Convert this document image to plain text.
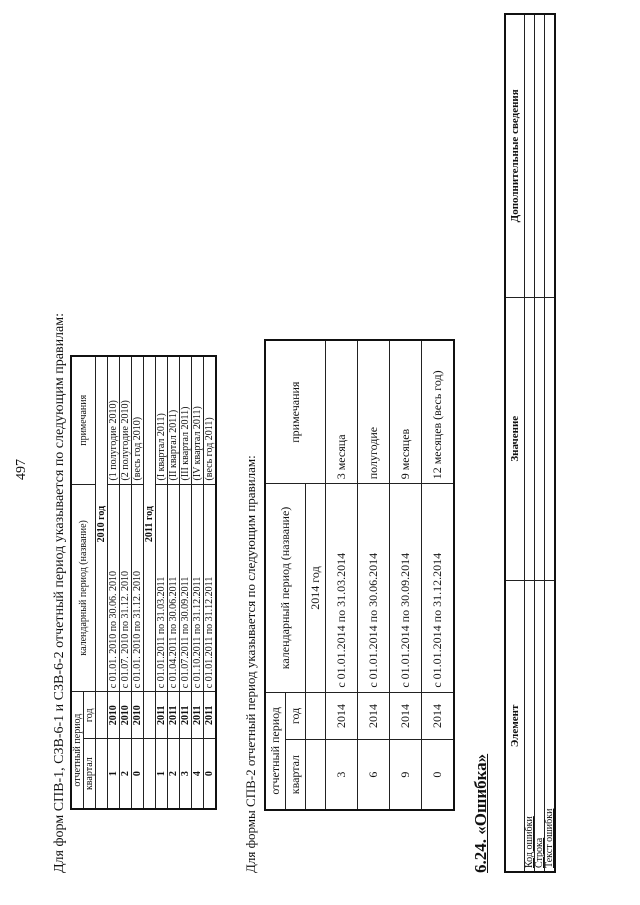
497 Для форм СПВ-1, СЗВ-6-1 и СЗВ-6-2 отчетный период указывается по следующим правилам: отчетный период		календарный период (название)	примечания
квартал	год		
		2010 год	
1	2010	с 01.01. 2010 по 30.06. 2010	(1 полугодие 2010)
2	2010	с 01.07. 2010 по 31.12. 2010	(2 полугодие 2010)
0	2010	с 01.01. 2010 по 31.12. 2010	(весь год 2010)
		2011 год	
1	2011	с 01.01.2011 по 31.03.2011	(I квартал 2011)
2	2011	с 01.04.2011 по 30.06.2011	(II квартал 2011)
3	2011	с 01.07.2011 по 30.09.2011	(III квартал 2011)
4	2011	с 01.10.2011 по 31.12.2011	(IV квартал 2011)
0	2011	с 01.01.2011 по 31.12.2011	(весь год 2011)
Для формы СПВ-2 отчетный период указывается по следующим правилам: отчетный период		календарный период (название)	примечания
квартал	год		
		2014 год	
3	2014	с 01.01.2014 по 31.03.2014	3 месяца
6	2014	с 01.01.2014 по 30.06.2014	полугодие
9	2014	с 01.01.2014 по 30.09.2014	9 месяцев
0	2014	с 01.01.2014 по 31.12.2014	12 месяцев (весь год)
6.24. «Ошибка»
Элемент	Значение	Дополнительные сведения
Код ошибки		
Строка		
Текст ошибки		
